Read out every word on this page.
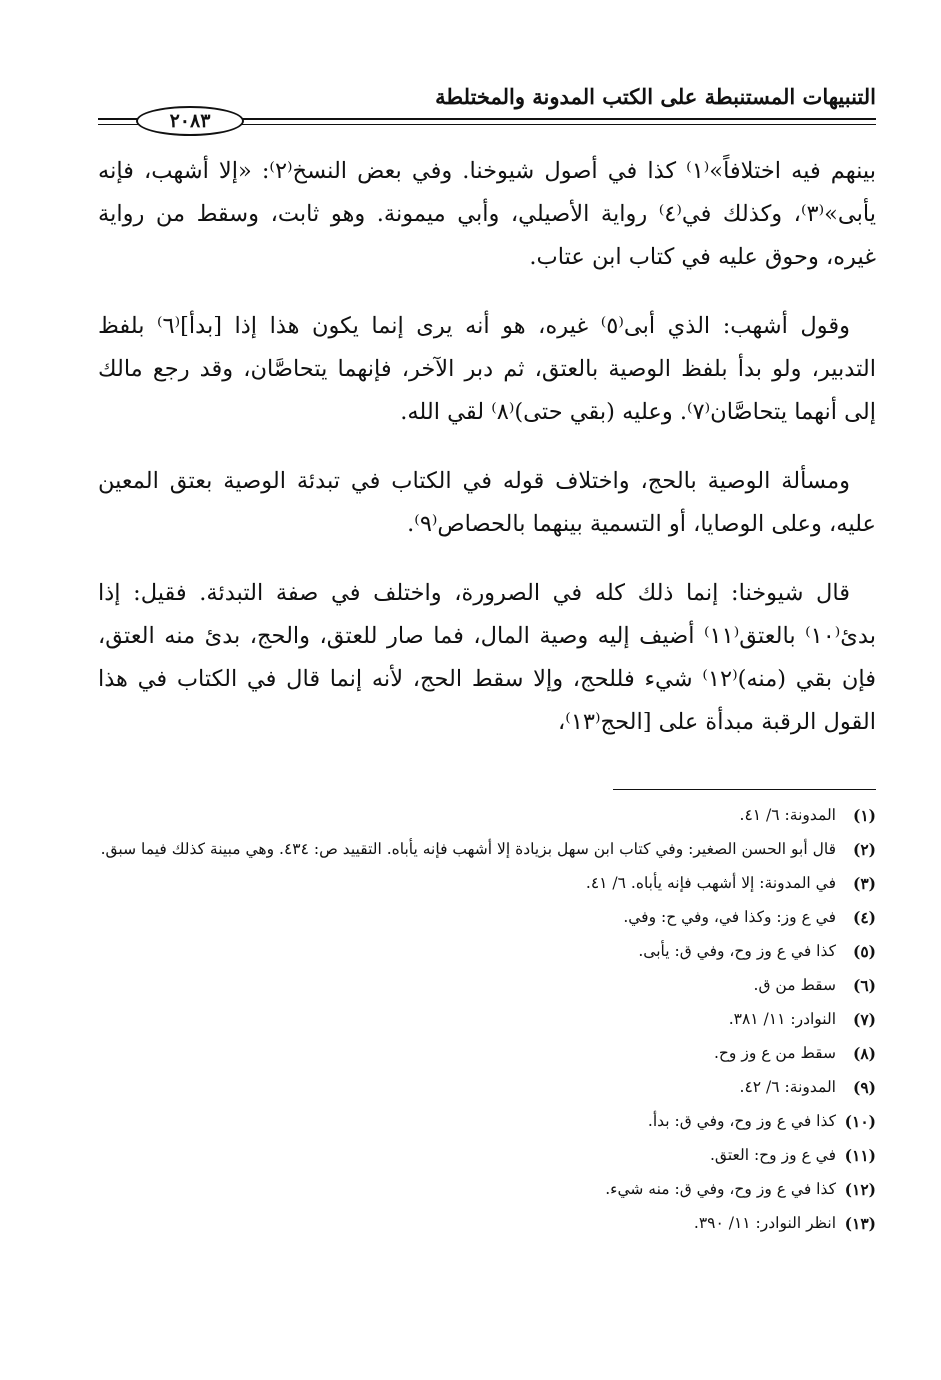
التنبيهات المستنبطة على الكتب المدونة والمختلطة
٢٠٨٣

بينهم فيه اختلافاً»⁽١⁾ كذا في أصول شيوخنا. وفي بعض النسخ⁽٢⁾: «إلا أشهب، فإنه يأبى»⁽٣⁾، وكذلك في⁽٤⁾ رواية الأصيلي، وأبي ميمونة. وهو ثابت، وسقط من رواية غيره، وحوق عليه في كتاب ابن عتاب.

وقول أشهب: الذي أبى⁽٥⁾ غيره، هو أنه يرى إنما يكون هذا إذا [بدأ]⁽٦⁾ بلفظ التدبير، ولو بدأ بلفظ الوصية بالعتق، ثم دبر الآخر، فإنهما يتحاصَّان، وقد رجع مالك إلى أنهما يتحاصَّان⁽٧⁾. وعليه (بقي حتى)⁽٨⁾ لقي الله.

ومسألة الوصية بالحج، واختلاف قوله في الكتاب في تبدئة الوصية بعتق المعين عليه، وعلى الوصايا، أو التسمية بينهما بالحصاص⁽٩⁾.

قال شيوخنا: إنما ذلك كله في الصرورة، واختلف في صفة التبدئة. فقيل: إذا بدئ⁽١٠⁾ بالعتق⁽١١⁾ أضيف إليه وصية المال، فما صار للعتق، والحج، بدئ منه العتق، فإن بقي (منه)⁽١٢⁾ شيء فللحج، وإلا سقط الحج، لأنه إنما قال في الكتاب في هذا القول الرقبة مبدأة على [الحج⁽١٣⁾،

(١)
المدونة: ٦/ ٤١.
(٢)
قال أبو الحسن الصغير: وفي كتاب ابن سهل بزيادة إلا أشهب فإنه يأباه. التقييد ص: ٤٣٤. وهي مبينة كذلك فيما سبق.
(٣)
في المدونة: إلا أشهب فإنه يأباه. ٦/ ٤١.
(٤)
في ع وز: وكذا في، وفي ح: وفي.
(٥)
كذا في ع وز وح، وفي ق: يأبى.
(٦)
سقط من ق.
(٧)
النوادر: ١١/ ٣٨١.
(٨)
سقط من ع وز وح.
(٩)
المدونة: ٦/ ٤٢.
(١٠)
كذا في ع وز وح، وفي ق: بدأ.
(١١)
في ع وز وح: العتق.
(١٢)
كذا في ع وز وح، وفي ق: منه شيء.
(١٣)
انظر النوادر: ١١/ ٣٩٠.
